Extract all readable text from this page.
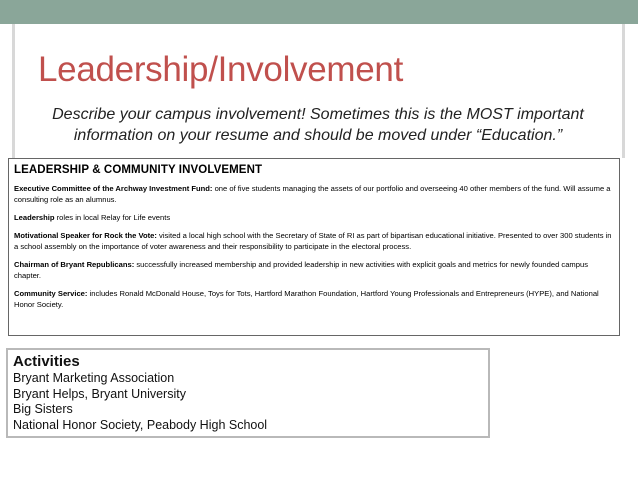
Leadership/Involvement

Describe your campus involvement! Sometimes this is the MOST important information on your resume and should be moved under “Education.”

LEADERSHIP & COMMUNITY INVOLVEMENT

Executive Committee of the Archway Investment Fund: one of five students managing the assets of our portfolio and overseeing 40 other members of the fund. Will assume a consulting role as an alumnus.

Leadership roles in local Relay for Life events

Motivational Speaker for Rock the Vote: visited a local high school with the Secretary of State of RI as part of bipartisan educational initiative. Presented to over 300 students in a school assembly on the importance of voter awareness and their responsibility to participate in the electoral process.

Chairman of Bryant Republicans: successfully increased membership and provided leadership in new activities with explicit goals and metrics for newly founded campus chapter.

Community Service: includes Ronald McDonald House, Toys for Tots, Hartford Marathon Foundation, Hartford Young Professionals and Entrepreneurs (HYPE), and National Honor Society.

Activities
Bryant Marketing Association
Bryant Helps, Bryant University
Big Sisters
National Honor Society, Peabody High School
